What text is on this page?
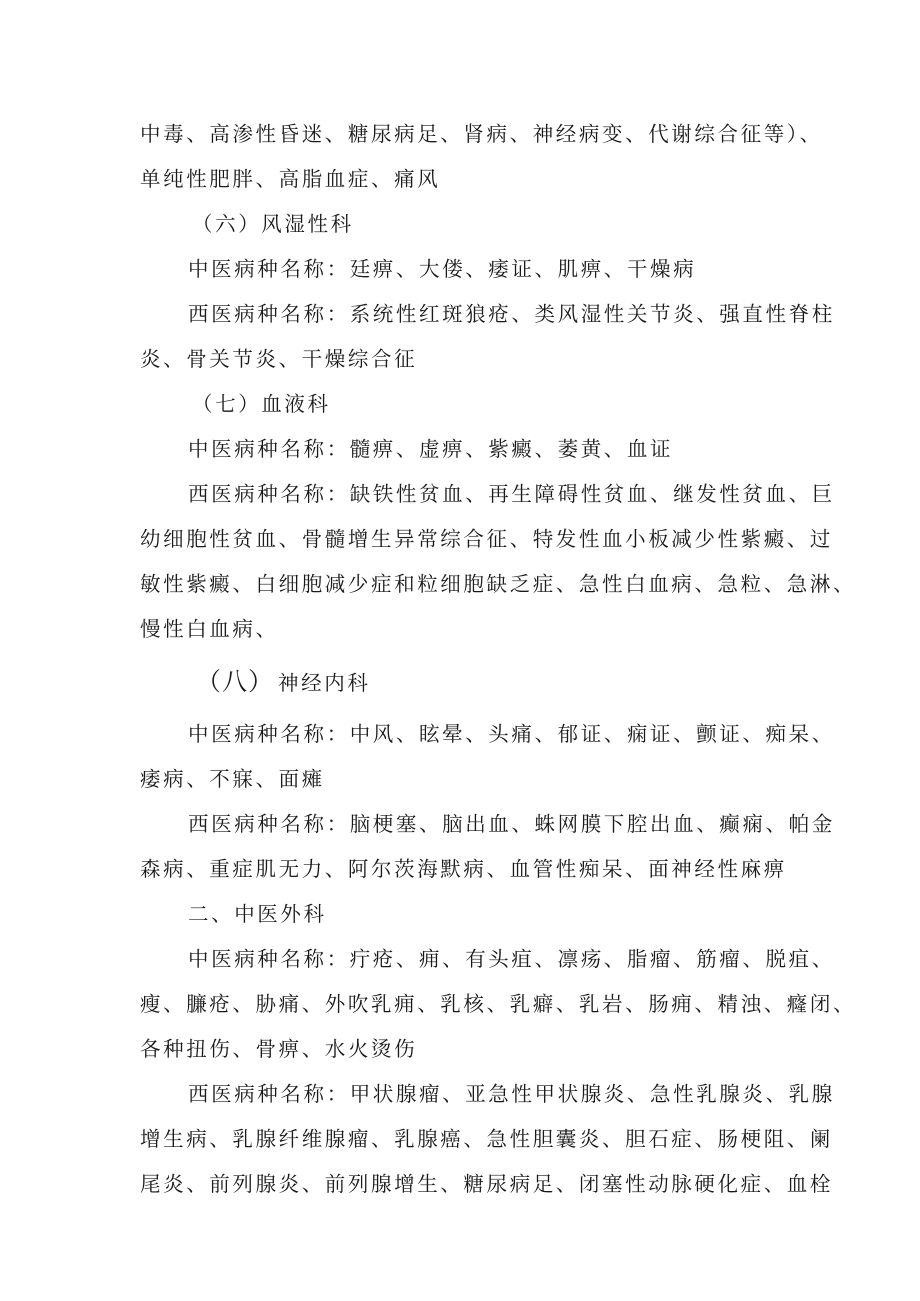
中毒、高渗性昏迷、糖尿病足、肾病、神经病变、代谢综合征等）、
单纯性肥胖、高脂血症、痛风
（六）风湿性科
中医病种名称：廷痹、大偻、痿证、肌痹、干燥病
西医病种名称：系统性红斑狼疮、类风湿性关节炎、强直性脊柱
炎、骨关节炎、干燥综合征
（七）血液科
中医病种名称：髓痹、虚痹、紫癜、萎黄、血证
西医病种名称：缺铁性贫血、再生障碍性贫血、继发性贫血、巨
幼细胞性贫血、骨髓增生异常综合征、特发性血小板减少性紫癜、过
敏性紫癜、白细胞减少症和粒细胞缺乏症、急性白血病、急粒、急淋、
慢性白血病、
（八） 神经内科
中医病种名称：中风、眩晕、头痛、郁证、痫证、颤证、痴呆、
痿病、不寐、面瘫
西医病种名称：脑梗塞、脑出血、蛛网膜下腔出血、癫痫、帕金
森病、重症肌无力、阿尔茨海默病、血管性痴呆、面神经性麻痹
二、中医外科
中医病种名称：疔疮、痈、有头疽、凛疡、脂瘤、筋瘤、脱疽、
瘦、臁疮、胁痛、外吹乳痈、乳核、乳癖、乳岩、肠痈、精浊、癃闭、
各种扭伤、骨痹、水火烫伤
西医病种名称：甲状腺瘤、亚急性甲状腺炎、急性乳腺炎、乳腺
增生病、乳腺纤维腺瘤、乳腺癌、急性胆囊炎、胆石症、肠梗阻、阑
尾炎、前列腺炎、前列腺增生、糖尿病足、闭塞性动脉硬化症、血栓
